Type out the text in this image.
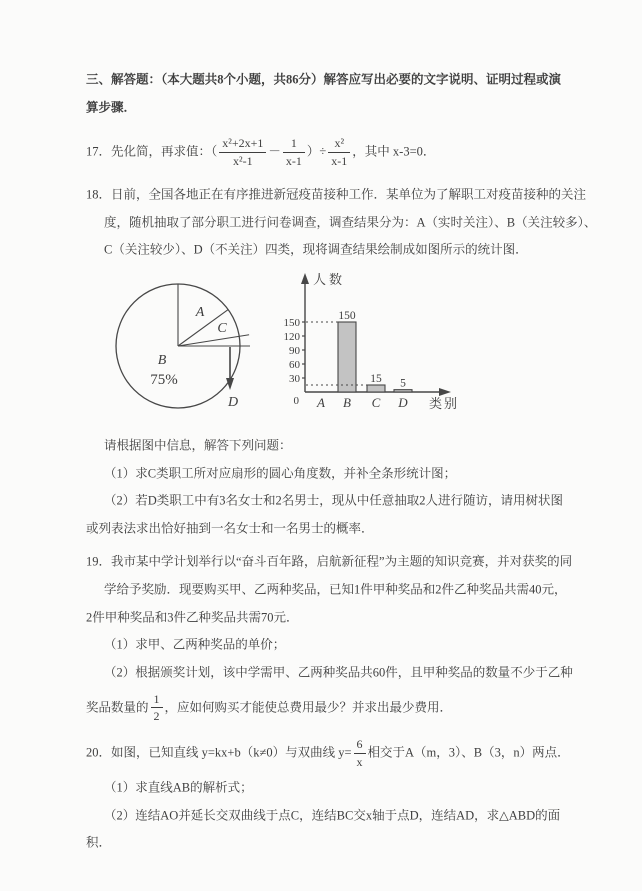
三、解答题：（本大题共8个小题，共86分）解答应写出必要的文字说明、证明过程或演
算步骤．
17．先化简，再求值：（ $\frac{\text{x²+2x+1}}{\text{x²-1}} - \frac{1}{x-1}$ ）÷ $\frac{\text{x²}}{x-1}$ ，其中 x-3=0．
18．日前，全国各地正在有序推进新冠疫苗接种工作．某单位为了解职工对疫苗接种的关注
度，随机抽取了部分职工进行问卷调查，调查结果分为：A（实时关注）、B（关注较多）、
C（关注较少）、D（不关注）四类，现将调查结果绘制成如图所示的统计图．
A
C
D
B
75%
人数
类别
0
30
60
90
120
150
A B
150
C
15
D
5
请根据图中信息，解答下列问题：
（1）求C类职工所对应扇形的圆心角度数，并补全条形统计图；
（2）若D类职工中有3名女士和2名男士，现从中任意抽取2人进行随访，请用树状图
或列表法求出恰好抽到一名女士和一名男士的概率．
19．我市某中学计划举行以“奋斗百年路，启航新征程”为主题的知识竞赛，并对获奖的同
学给予奖励．现要购买甲、乙两种奖品，已知1件甲种奖品和2件乙种奖品共需40元，
2件甲种奖品和3件乙种奖品共需70元．
（1）求甲、乙两种奖品的单价；
（2）根据颁奖计划，该中学需甲、乙两种奖品共60件，且甲种奖品的数量不少于乙种
奖品数量的 $\frac{1}{2}$ ，应如何购买才能使总费用最少？并求出最少费用．
20．如图，已知直线 y=kx+b（k≠0）与双曲线 $y= \frac{6}{x}$ 相交于A（m，3）、B（3，n）两点．
（1）求直线AB的解析式；
（2）连结AO并延长交双曲线于点C，连结BC交x轴于点D，连结AD，求△ABD的面
积．
